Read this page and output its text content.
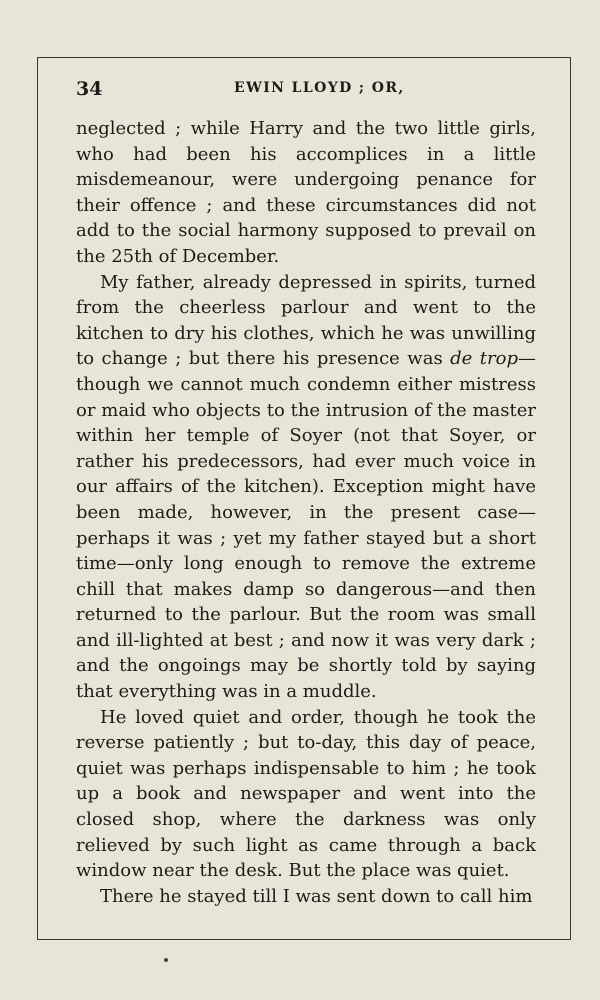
34	EWIN LLOYD ; OR,

neglected ; while Harry and the two little girls, who had been his accomplices in a little misdemeanour, were undergoing penance for their offence ; and these circumstances did not add to the social harmony supposed to prevail on the 25th of December.

My father, already depressed in spirits, turned from the cheerless parlour and went to the kitchen to dry his clothes, which he was unwilling to change ; but there his presence was de trop—though we cannot much condemn either mistress or maid who objects to the intrusion of the master within her temple of Soyer (not that Soyer, or rather his predecessors, had ever much voice in our affairs of the kitchen). Exception might have been made, however, in the present case—perhaps it was ; yet my father stayed but a short time—only long enough to remove the extreme chill that makes damp so dangerous—and then returned to the parlour. But the room was small and ill-lighted at best ; and now it was very dark ; and the ongoings may be shortly told by saying that everything was in a muddle.

He loved quiet and order, though he took the reverse patiently ; but to-day, this day of peace, quiet was perhaps indispensable to him ; he took up a book and newspaper and went into the closed shop, where the darkness was only relieved by such light as came through a back window near the desk. But the place was quiet.

There he stayed till I was sent down to call him
